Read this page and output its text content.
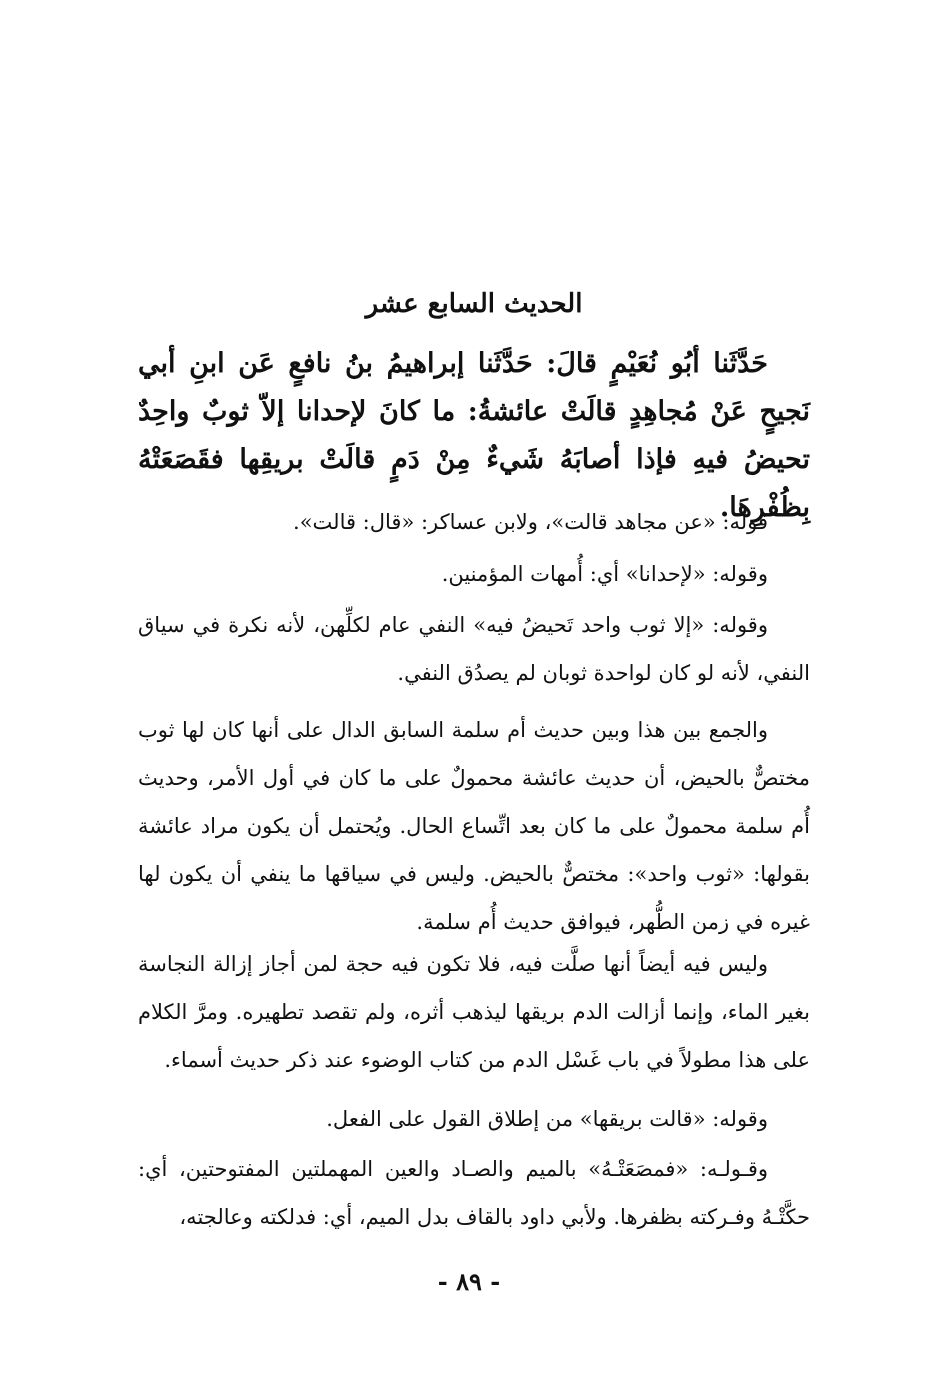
الحديث السابع عشر
حَدَّثَنا أبُو نُعَيْمٍ قالَ: حَدَّثَنا إبراهيمُ بنُ نافعٍ عَن ابنِ أبي نَجيحٍ عَنْ مُجاهِدٍ قالَتْ عائشةُ: ما كانَ لإحدانا إلاّ ثوبٌ واحِدٌ تحيضُ فيهِ فإذا أصابَهُ شَيءٌ مِنْ دَمٍ قالَتْ بريقِها فقَصَعَتْهُ بِظُفْرِهَا.
قوله: «عن مجاهد قالت»، ولابن عساكر: «قال: قالت».
وقوله: «لإحدانا» أي: أُمهات المؤمنين.
وقوله: «إلا ثوب واحد تَحيضُ فيه» النفي عام لكلِّهن، لأنه نكرة في سياق النفي، لأنه لو كان لواحدة ثوبان لم يصدُق النفي.
والجمع بين هذا وبين حديث أم سلمة السابق الدال على أنها كان لها ثوب مختصٌّ بالحيض، أن حديث عائشة محمولٌ على ما كان في أول الأمر، وحديث أُم سلمة محمولٌ على ما كان بعد اتِّساع الحال. ويُحتمل أن يكون مراد عائشة بقولها: «ثوب واحد»: مختصٌّ بالحيض. وليس في سياقها ما ينفي أن يكون لها غيره في زمن الطُّهر، فيوافق حديث أُم سلمة.
وليس فيه أيضاً أنها صلَّت فيه، فلا تكون فيه حجة لمن أجاز إزالة النجاسة بغير الماء، وإنما أزالت الدم بريقها ليذهب أثره، ولم تقصد تطهيره. ومرَّ الكلام على هذا مطولاً في باب غَسْل الدم من كتاب الوضوء عند ذكر حديث أسماء.
وقوله: «قالت بريقها» من إطلاق القول على الفعل.
وقـولـه: «فمصَعَتْـهُ» بالميم والصـاد والعين المهملتين المفتوحتين، أي: حكَّتْـهُ وفـركته بظفرها. ولأبي داود بالقاف بدل الميم، أي: فدلكته وعالجته،
- ٨٩ -
